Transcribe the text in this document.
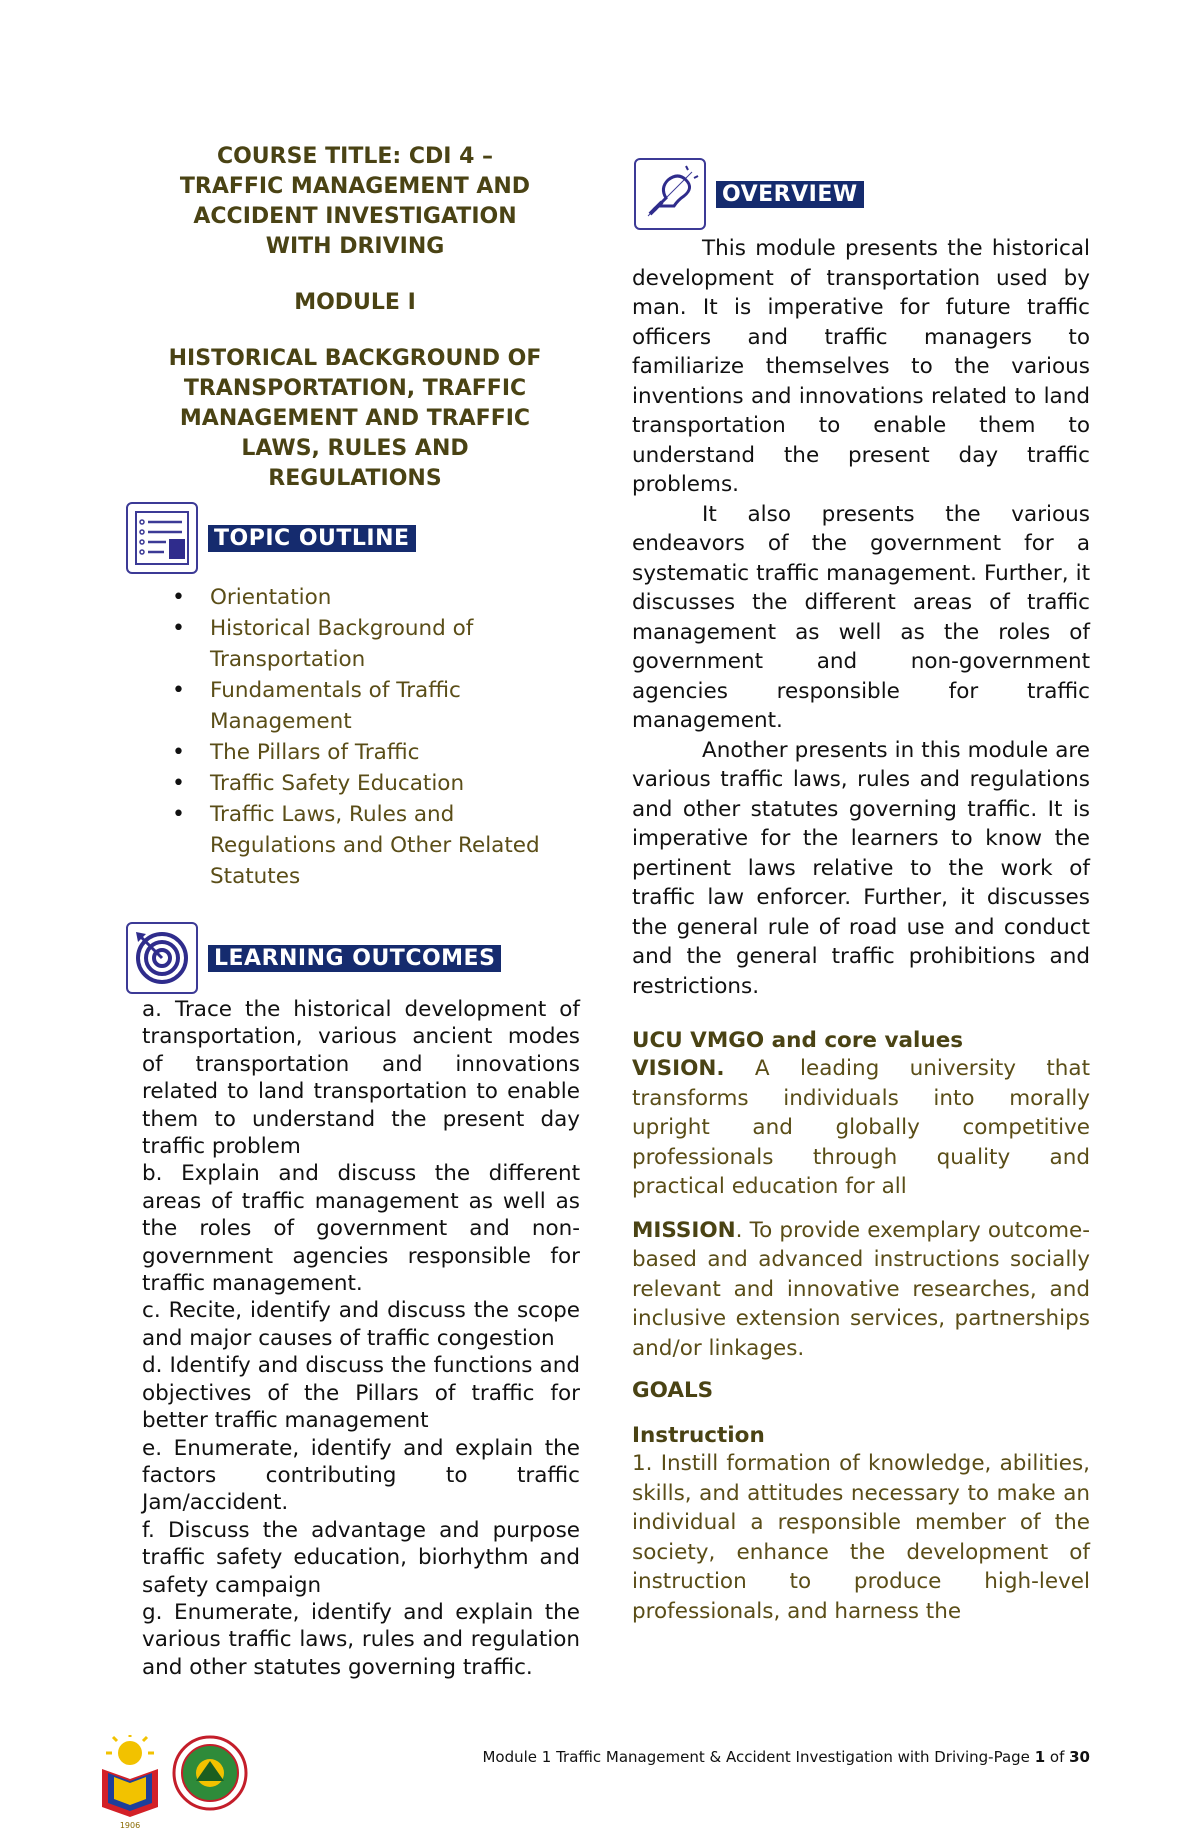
COURSE TITLE: CDI 4 –
TRAFFIC MANAGEMENT AND
ACCIDENT INVESTIGATION
WITH DRIVING
MODULE I
HISTORICAL BACKGROUND OF
TRANSPORTATION, TRAFFIC
MANAGEMENT AND TRAFFIC
LAWS, RULES AND
REGULATIONS
TOPIC OUTLINE
• Orientation
• Historical Background of Transportation
• Fundamentals of Traffic Management
• The Pillars of Traffic
• Traffic Safety Education
• Traffic Laws, Rules and Regulations and Other Related Statutes
LEARNING OUTCOMES

a. Trace the historical development of transportation, various ancient modes of transportation and innovations related to land transportation to enable them to understand the present day traffic problem

b. Explain and discuss the different areas of traffic management as well as the roles of government and non-government agencies responsible for traffic management.

c. Recite, identify and discuss the scope and major causes of traffic congestion

d. Identify and discuss the functions and objectives of the Pillars of traffic for better traffic management

e. Enumerate, identify and explain the factors contributing to traffic Jam/accident.

f. Discuss the advantage and purpose traffic safety education, biorhythm and safety campaign

g. Enumerate, identify and explain the various traffic laws, rules and regulation and other statutes governing traffic.

OVERVIEW

This module presents the historical development of transportation used by man. It is imperative for future traffic officers and traffic managers to familiarize themselves to the various inventions and innovations related to land transportation to enable them to understand the present day traffic problems.

It also presents the various endeavors of the government for a systematic traffic management. Further, it discusses the different areas of traffic management as well as the roles of government and non-government agencies responsible for traffic management.

Another presents in this module are various traffic laws, rules and regulations and other statutes governing traffic. It is imperative for the learners to know the pertinent laws relative to the work of traffic law enforcer. Further, it discusses the general rule of road use and conduct and the general traffic prohibitions and restrictions.

UCU VMGO and core values

VISION. A leading university that transforms individuals into morally upright and globally competitive professionals through quality and practical education for all

MISSION. To provide exemplary outcome-based and advanced instructions socially relevant and innovative researches, and inclusive extension services, partnerships and/or linkages.

GOALS
Instruction

1. Instill formation of knowledge, abilities, skills, and attitudes necessary to make an individual a responsible member of the society, enhance the development of instruction to produce high-level professionals, and harness the

Module 1 Traffic Management & Accident Investigation with Driving-Page 1 of 30
1906
